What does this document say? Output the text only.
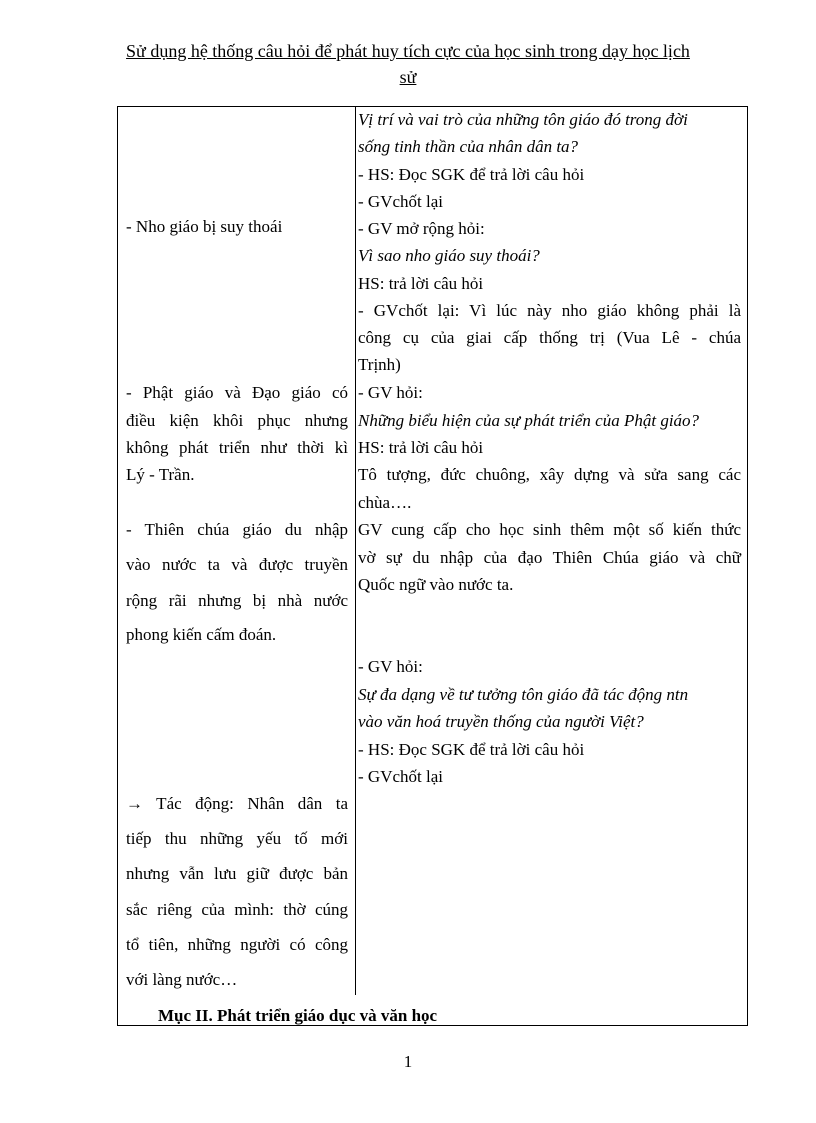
Sử dụng hệ thống câu hỏi để phát huy tích cực của học sinh trong dạy học lịch
sử
- Nho giáo bị suy thoái
- Phật giáo và Đạo giáo có
điều kiện khôi phục nhưng
không phát triển như thời kì
Lý - Trần.
- Thiên chúa giáo du nhập
vào nước ta và được truyền
rộng rãi nhưng bị nhà nước
phong kiến cấm đoán.
→ Tác động: Nhân dân ta
tiếp thu những yếu tố mới
nhưng vẫn lưu giữ được bản
sắc riêng của mình: thờ cúng
tổ tiên, những người có công
với làng nước…
Vị trí và vai trò của những tôn giáo đó trong đời
sống tinh thần của nhân dân ta?
- HS: Đọc SGK để trả lời câu hỏi
- GVchốt lại
- GV mở rộng hỏi:
Vì sao nho giáo suy thoái?
HS: trả lời câu hỏi
- GVchốt lại: Vì lúc này nho giáo không phải là
công cụ của giai cấp thống trị (Vua Lê - chúa
Trịnh)
- GV hỏi:
Những biểu hiện của sự phát triển của Phật giáo?
HS: trả lời câu hỏi
Tô tượng, đức chuông, xây dựng và sửa sang các
chùa….
GV cung cấp cho học sinh thêm một số kiến thức
vờ sự du nhập của đạo Thiên Chúa giáo và chữ
Quốc ngữ vào nước ta.
- GV hỏi:
Sự đa dạng về tư tưởng tôn giáo đã tác động ntn
vào văn hoá truyền thống của người Việt?
- HS: Đọc SGK để trả lời câu hỏi
- GVchốt lại
Mục II. Phát triển giáo dục và văn học
1
